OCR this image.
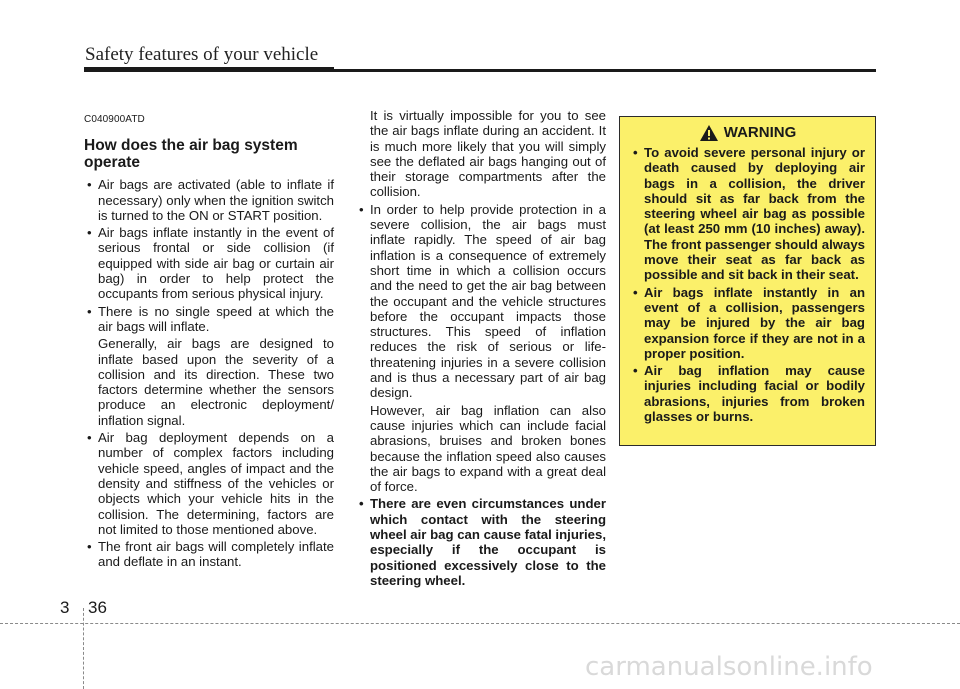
Safety features of your vehicle
C040900ATD
How does the air bag system operate
• Air bags are activated (able to inflate if necessary) only when the ignition switch is turned to the ON or START position.
• Air bags inflate instantly in the event of serious frontal or side collision (if equipped with side air bag or curtain air bag) in order to help protect the occupants from serious physical injury.
• There is no single speed at which the air bags will inflate.
Generally, air bags are designed to inflate based upon the severity of a collision and its direction. These two factors determine whether the sensors produce an electronic deployment/ inflation signal.
• Air bag deployment depends on a number of complex factors including vehicle speed, angles of impact and the density and stiffness of the vehicles or objects which your vehicle hits in the collision. The determining, factors are not limited to those mentioned above.
• The front air bags will completely inflate and deflate in an instant.
It is virtually impossible for you to see the air bags inflate during an accident. It is much more likely that you will simply see the deflated air bags hanging out of their storage compartments after the collision.
• In order to help provide protection in a severe collision, the air bags must inflate rapidly. The speed of air bag inflation is a consequence of extremely short time in which a collision occurs and the need to get the air bag between the occupant and the vehicle structures before the occupant impacts those structures. This speed of inflation reduces the risk of serious or life-threatening injuries in a severe collision and is thus a necessary part of air bag design.
However, air bag inflation can also cause injuries which can include facial abrasions, bruises and broken bones because the inflation speed also causes the air bags to expand with a great deal of force.
• There are even circumstances under which contact with the steering wheel air bag can cause fatal injuries, especially if the occupant is positioned excessively close to the steering wheel.
WARNING
• To avoid severe personal injury or death caused by deploying air bags in a collision, the driver should sit as far back from the steering wheel air bag as possible (at least 250 mm (10 inches) away). The front passenger should always move their seat as far back as possible and sit back in their seat.
• Air bags inflate instantly in an event of a collision, passengers may be injured by the air bag expansion force if they are not in a proper position.
• Air bag inflation may cause injuries including facial or bodily abrasions, injuries from broken glasses or burns.
3 36
carmanualsonline.info
